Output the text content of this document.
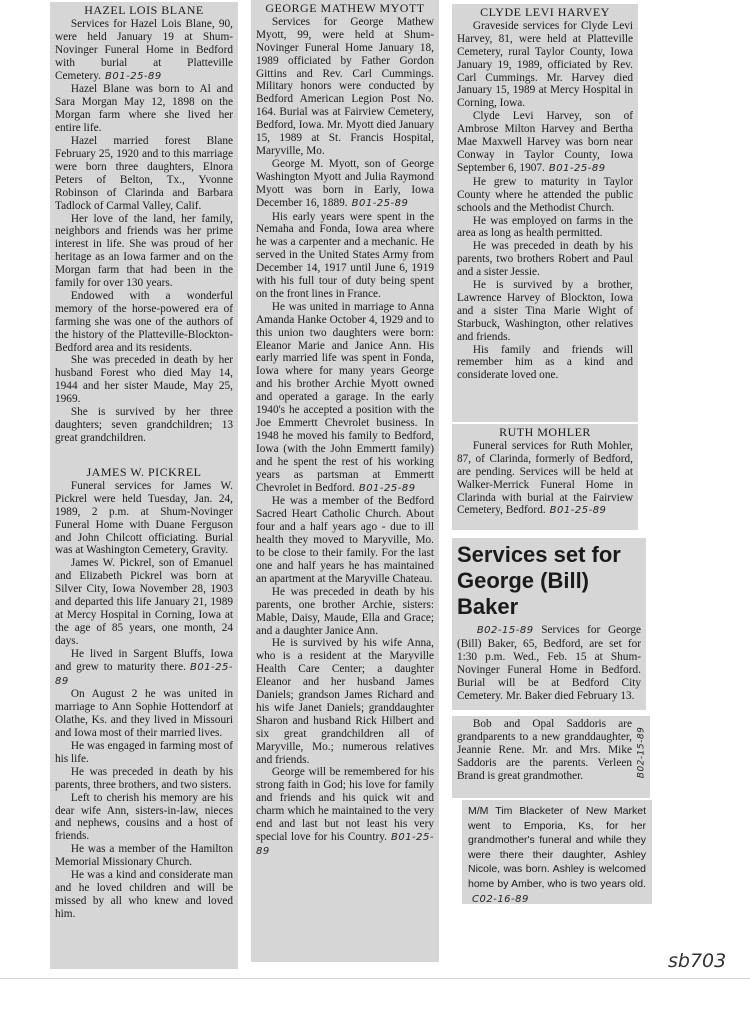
HAZEL LOIS BLANE

Services for Hazel Lois Blane, 90, were held January 19 at Shum-Novinger Funeral Home in Bedford with burial at Platteville Cemetery. B01-25-89

Hazel Blane was born to Al and Sara Morgan May 12, 1898 on the Morgan farm where she lived her entire life.

Hazel married forest Blane February 25, 1920 and to this marriage were born three daughters, Elnora Peters of Belton, Tx., Yvonne Robinson of Clarinda and Barbara Tadlock of Carmal Valley, Calif.

Her love of the land, her family, neighbors and friends was her prime interest in life. She was proud of her heritage as an Iowa farmer and on the Morgan farm that had been in the family for over 130 years.

Endowed with a wonderful memory of the horse-powered era of farming she was one of the authors of the history of the Platteville-Blockton-Bedford area and its residents.

She was preceded in death by her husband Forest who died May 14, 1944 and her sister Maude, May 25, 1969.

She is survived by her three daughters; seven grandchildren; 13 great grandchildren.

JAMES W. PICKREL

Funeral services for James W. Pickrel were held Tuesday, Jan. 24, 1989, 2 p.m. at Shum-Novinger Funeral Home with Duane Ferguson and John Chilcott officiating. Burial was at Washington Cemetery, Gravity.

James W. Pickrel, son of Emanuel and Elizabeth Pickrel was born at Silver City, Iowa November 28, 1903 and departed this life January 21, 1989 at Mercy Hospital in Corning, Iowa at the age of 85 years, one month, 24 days.

He lived in Sargent Bluffs, Iowa and grew to maturity there. B01-25-89

On August 2 he was united in marriage to Ann Sophie Hottendorf at Olathe, Ks. and they lived in Missouri and Iowa most of their married lives.

He was engaged in farming most of his life.

He was preceded in death by his parents, three brothers, and two sisters.

Left to cherish his memory are his dear wife Ann, sisters-in-law, nieces and nephews, cousins and a host of friends.

He was a member of the Hamilton Memorial Missionary Church.

He was a kind and considerate man and he loved children and will be missed by all who knew and loved him.

GEORGE MATHEW MYOTT

Services for George Mathew Myott, 99, were held at Shum-Novinger Funeral Home January 18, 1989 officiated by Father Gordon Gittins and Rev. Carl Cummings. Military honors were conducted by Bedford American Legion Post No. 164. Burial was at Fairview Cemetery, Bedford, Iowa. Mr. Myott died January 15, 1989 at St. Francis Hospital, Maryville, Mo.

George M. Myott, son of George Washington Myott and Julia Raymond Myott was born in Early, Iowa December 16, 1889. B01-25-89

His early years were spent in the Nemaha and Fonda, Iowa area where he was a carpenter and a mechanic. He served in the United States Army from December 14, 1917 until June 6, 1919 with his full tour of duty being spent on the front lines in France.

He was united in marriage to Anna Amanda Hanke October 4, 1929 and to this union two daughters were born: Eleanor Marie and Janice Ann. His early married life was spent in Fonda, Iowa where for many years George and his brother Archie Myott owned and operated a garage. In the early 1940's he accepted a position with the Joe Emmertt Chevrolet business. In 1948 he moved his family to Bedford, Iowa (with the John Emmertt family) and he spent the rest of his working years as partsman at Emmertt Chevrolet in Bedford. B01-25-89

He was a member of the Bedford Sacred Heart Catholic Church. About four and a half years ago - due to ill health they moved to Maryville, Mo. to be close to their family. For the last one and half years he has maintained an apartment at the Maryville Chateau.

He was preceded in death by his parents, one brother Archie, sisters: Mable, Daisy, Maude, Ella and Grace; and a daughter Janice Ann.

He is survived by his wife Anna, who is a resident at the Maryville Health Care Center; a daughter Eleanor and her husband James Daniels; grandson James Richard and his wife Janet Daniels; granddaughter Sharon and husband Rick Hilbert and six great grandchildren all of Maryville, Mo.; numerous relatives and friends.

George will be remembered for his strong faith in God; his love for family and friends and his quick wit and charm which he maintained to the very end and last but not least his very special love for his Country. B01-25-89

CLYDE LEVI HARVEY

Graveside services for Clyde Levi Harvey, 81, were held at Platteville Cemetery, rural Taylor County, Iowa January 19, 1989, officiated by Rev. Carl Cummings. Mr. Harvey died January 15, 1989 at Mercy Hospital in Corning, Iowa.

Clyde Levi Harvey, son of Ambrose Milton Harvey and Bertha Mae Maxwell Harvey was born near Conway in Taylor County, Iowa September 6, 1907. B01-25-89

He grew to maturity in Taylor County where he attended the public schools and the Methodist Church.

He was employed on farms in the area as long as health permitted.

He was preceded in death by his parents, two brothers Robert and Paul and a sister Jessie.

He is survived by a brother, Lawrence Harvey of Blockton, Iowa and a sister Tina Marie Wight of Starbuck, Washington, other relatives and friends.

His family and friends will remember him as a kind and considerate loved one.

RUTH MOHLER

Funeral services for Ruth Mohler, 87, of Clarinda, formerly of Bedford, are pending. Services will be held at Walker-Merrick Funeral Home in Clarinda with burial at the Fairview Cemetery, Bedford. B01-25-89

Services set for George (Bill) Baker

B02-15-89 Services for George (Bill) Baker, 65, Bedford, are set for 1:30 p.m. Wed., Feb. 15 at Shum-Novinger Funeral Home in Bedford. Burial will be at Bedford City Cemetery. Mr. Baker died February 13.

Bob and Opal Saddoris are grandparents to a new granddaughter, Jeannie Rene. Mr. and Mrs. Mike Saddoris are the parents. Verleen Brand is great grandmother.	B02-15-89
M/M Tim Blacketer of New Market went to Emporia, Ks, for her grandmother's funeral and while they were there their daughter, Ashley Nicole, was born. Ashley is welcomed home by Amber, who is two years old. C02-16-89
sb703
